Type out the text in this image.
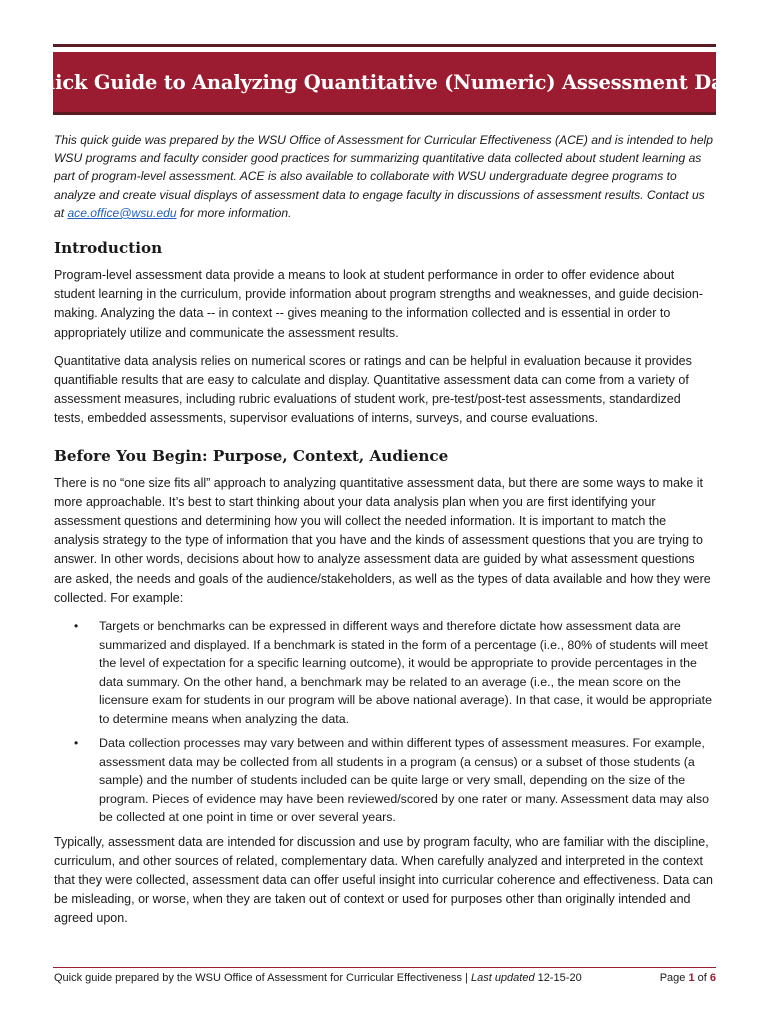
Quick Guide to Analyzing Quantitative (Numeric) Assessment Data

This quick guide was prepared by the WSU Office of Assessment for Curricular Effectiveness (ACE) and is intended to help WSU programs and faculty consider good practices for summarizing quantitative data collected about student learning as part of program-level assessment. ACE is also available to collaborate with WSU undergraduate degree programs to analyze and create visual displays of assessment data to engage faculty in discussions of assessment results. Contact us at ace.office@wsu.edu for more information.

Introduction

Program-level assessment data provide a means to look at student performance in order to offer evidence about student learning in the curriculum, provide information about program strengths and weaknesses, and guide decision-making. Analyzing the data -- in context -- gives meaning to the information collected and is essential in order to appropriately utilize and communicate the assessment results.

Quantitative data analysis relies on numerical scores or ratings and can be helpful in evaluation because it provides quantifiable results that are easy to calculate and display. Quantitative assessment data can come from a variety of assessment measures, including rubric evaluations of student work, pre-test/post-test assessments, standardized tests, embedded assessments, supervisor evaluations of interns, surveys, and course evaluations.

Before You Begin: Purpose, Context, Audience

There is no “one size fits all” approach to analyzing quantitative assessment data, but there are some ways to make it more approachable. It’s best to start thinking about your data analysis plan when you are first identifying your assessment questions and determining how you will collect the needed information. It is important to match the analysis strategy to the type of information that you have and the kinds of assessment questions that you are trying to answer. In other words, decisions about how to analyze assessment data are guided by what assessment questions are asked, the needs and goals of the audience/stakeholders, as well as the types of data available and how they were collected. For example:

• Targets or benchmarks can be expressed in different ways and therefore dictate how assessment data are summarized and displayed. If a benchmark is stated in the form of a percentage (i.e., 80% of students will meet the level of expectation for a specific learning outcome), it would be appropriate to provide percentages in the data summary. On the other hand, a benchmark may be related to an average (i.e., the mean score on the licensure exam for students in our program will be above national average). In that case, it would be appropriate to determine means when analyzing the data.
• Data collection processes may vary between and within different types of assessment measures. For example, assessment data may be collected from all students in a program (a census) or a subset of those students (a sample) and the number of students included can be quite large or very small, depending on the size of the program. Pieces of evidence may have been reviewed/scored by one rater or many. Assessment data may also be collected at one point in time or over several years.

Typically, assessment data are intended for discussion and use by program faculty, who are familiar with the discipline, curriculum, and other sources of related, complementary data. When carefully analyzed and interpreted in the context that they were collected, assessment data can offer useful insight into curricular coherence and effectiveness. Data can be misleading, or worse, when they are taken out of context or used for purposes other than originally intended and agreed upon.

Quick guide prepared by the WSU Office of Assessment for Curricular Effectiveness | Last updated 12-15-20	Page 1 of 6
